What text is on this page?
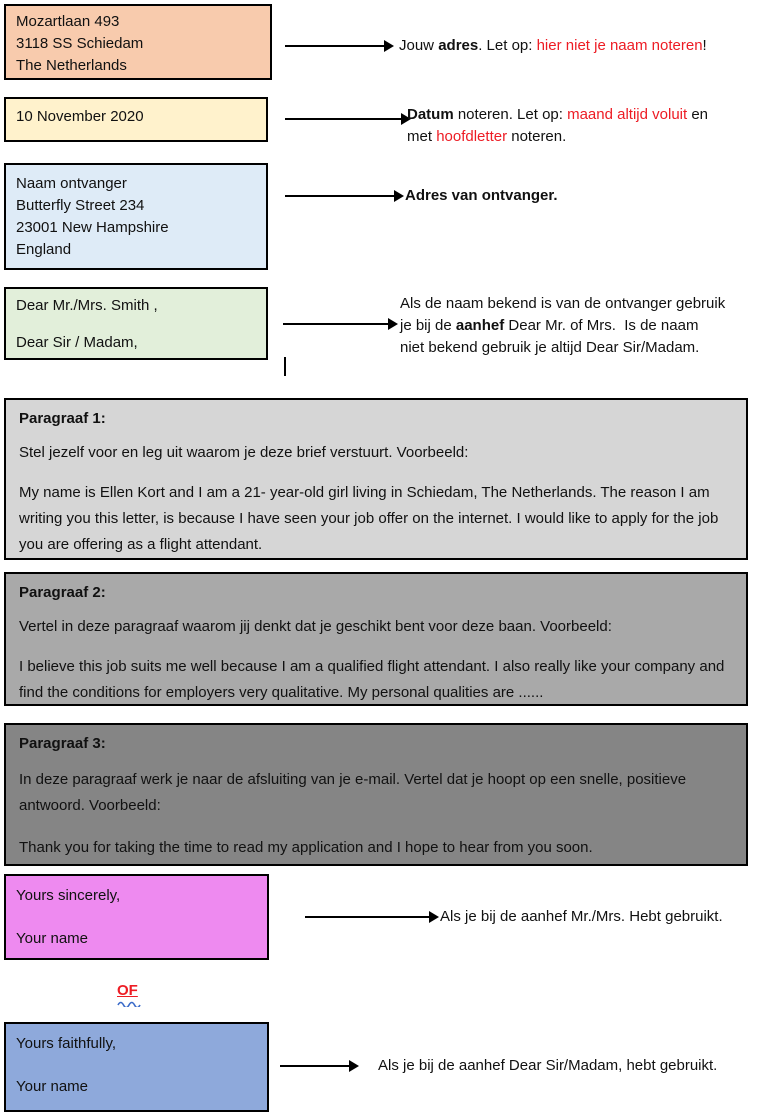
Mozartlaan 493
3118 SS Schiedam
The Netherlands
Jouw adres. Let op: hier niet je naam noteren!
10 November 2020	Datum noteren. Let op: maand altijd voluit en
met hoofdletter noteren.
Naam ontvanger
Butterfly Street 234
23001 New Hampshire
England
Adres van ontvanger.
Dear Mr./Mrs. Smith ,
Dear Sir / Madam,
Als de naam bekend is van de ontvanger gebruik
je bij de aanhef Dear Mr. of Mrs.  Is de naam
niet bekend gebruik je altijd Dear Sir/Madam.
Paragraaf 1:

Stel jezelf voor en leg uit waarom je deze brief verstuurt. Voorbeeld:

My name is Ellen Kort and I am a 21- year-old girl living in Schiedam, The Netherlands. The reason I am writing you this letter, is because I have seen your job offer on the internet. I would like to apply for the job you are offering as a flight attendant.

Paragraaf 2:

Vertel in deze paragraaf waarom jij denkt dat je geschikt bent voor deze baan. Voorbeeld:

I believe this job suits me well because I am a qualified flight attendant. I also really like your company and find the conditions for employers very qualitative. My personal qualities are ......

Paragraaf 3:

In deze paragraaf werk je naar de afsluiting van je e-mail. Vertel dat je hoopt op een snelle, positieve antwoord. Voorbeeld:

Thank you for taking the time to read my application and I hope to hear from you soon.

Yours sincerely,
Your name
Als je bij de aanhef Mr./Mrs. Hebt gebruikt.
OF
Yours faithfully,
Your name
Als je bij de aanhef Dear Sir/Madam, hebt gebruikt.
